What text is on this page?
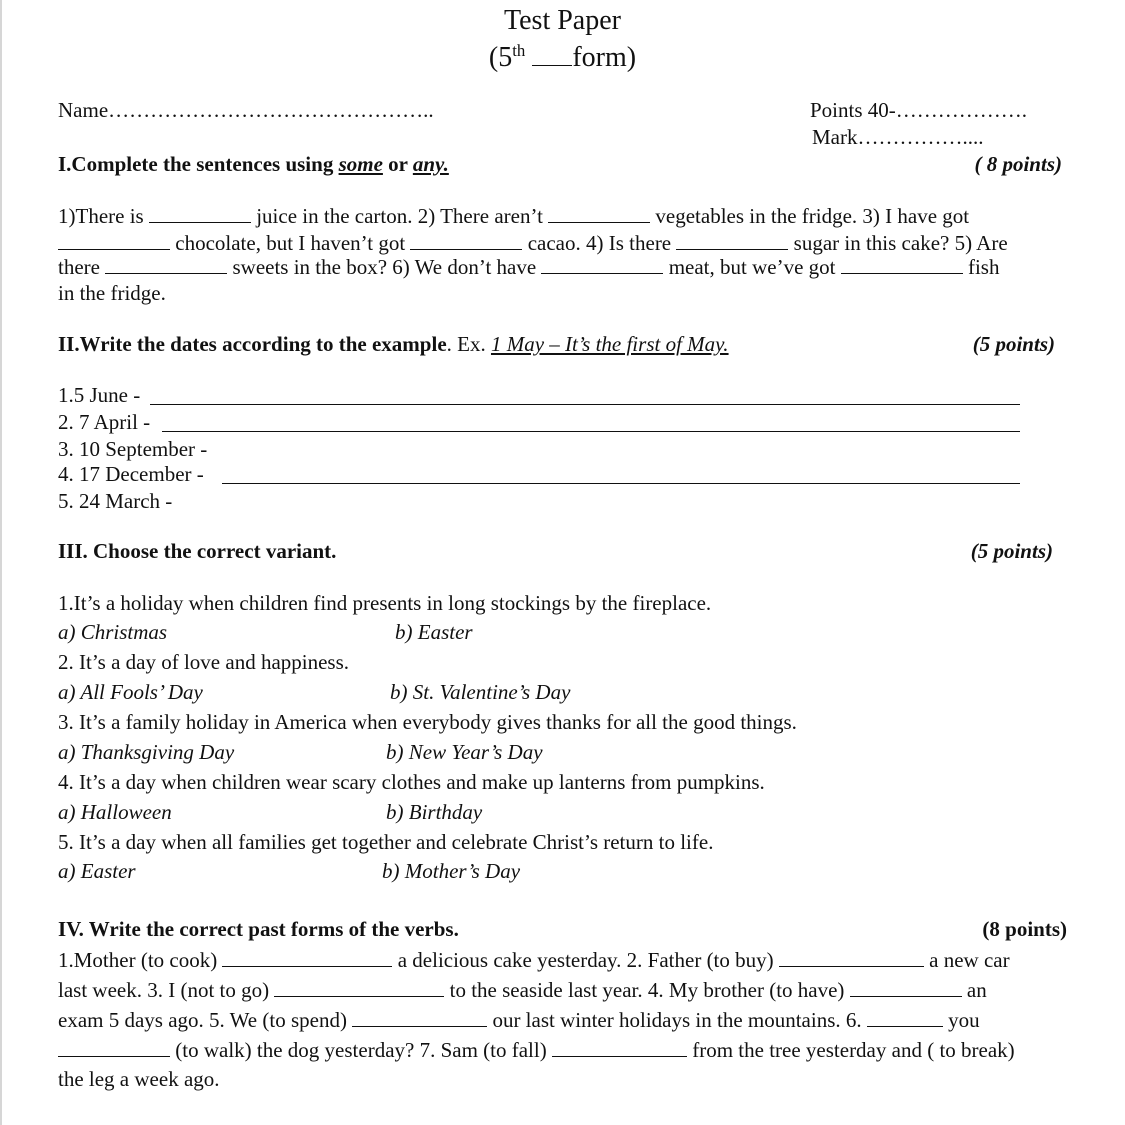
Test Paper
(5th form)
Name………………………………………..	Points 40-……………….
Mark……………....
I.Complete the sentences using some or any.	( 8 points)
1)There is	juice in the carton. 2) There aren’t	vegetables in the fridge. 3) I have got
chocolate, but I haven’t got	cacao. 4) Is there	sugar in this cake? 5) Are
there	sweets in the box? 6) We don’t have	meat, but we’ve got	fish
in the fridge.
II.Write the dates according to the example. Ex. 1 May – It’s the first of May.	(5 points)
1.5 June -
2. 7 April -
3. 10 September -
4. 17 December -
5. 24 March -
III. Choose the correct variant.	(5 points)
1.It’s a holiday when children find presents in long stockings by the fireplace.
a) Christmas	b) Easter
2. It’s a day of love and happiness.
a) All Fools’ Day	b) St. Valentine’s Day
3. It’s a family holiday in America when everybody gives thanks for all the good things.
a) Thanksgiving Day	b) New Year’s Day
4. It’s a day when children wear scary clothes and make up lanterns from pumpkins.
a) Halloween	b) Birthday
5. It’s a day when all families get together and celebrate Christ’s return to life.
a) Easter	b) Mother’s Day
IV. Write the correct past forms of the verbs.	(8 points)
1.Mother (to cook)	a delicious cake yesterday. 2. Father (to buy)	a new car
last week. 3. I (not to go)	to the seaside last year. 4. My brother (to have)	an
exam 5 days ago. 5. We (to spend)	our last winter holidays in the mountains. 6.	you
(to walk) the dog yesterday? 7. Sam (to fall)	from the tree yesterday and ( to break)
the leg a week ago.
